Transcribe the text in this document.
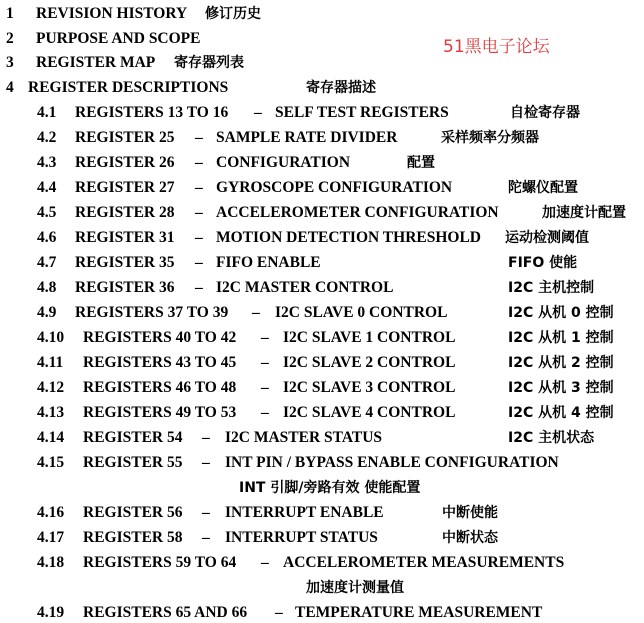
51黑电子论坛
1 REVISION HISTORY 修订历史
2 PURPOSE AND SCOPE
3 REGISTER MAP 寄存器列表
4 REGISTER DESCRIPTIONS	寄存器描述
4.1 REGISTERS 13 TO 16 – SELF TEST REGISTERS	自检寄存器
4.2 REGISTER 25 – SAMPLE RATE DIVIDER	采样频率分频器
4.3 REGISTER 26 – CONFIGURATION	配置
4.4 REGISTER 27 – GYROSCOPE CONFIGURATION	陀螺仪配置
4.5 REGISTER 28 – ACCELEROMETER CONFIGURATION	加速度计配置
4.6 REGISTER 31 – MOTION DETECTION THRESHOLD 运动检测阈值
4.7 REGISTER 35 – FIFO ENABLE	FIFO 使能
4.8 REGISTER 36 – I2C MASTER CONTROL	I2C 主机控制
4.9 REGISTERS 37 TO 39 – I2C SLAVE 0 CONTROL	I2C 从机 0 控制
4.10 REGISTERS 40 TO 42 – I2C SLAVE 1 CONTROL	I2C 从机 1 控制
4.11 REGISTERS 43 TO 45 – I2C SLAVE 2 CONTROL	I2C 从机 2 控制
4.12 REGISTERS 46 TO 48 – I2C SLAVE 3 CONTROL	I2C 从机 3 控制
4.13 REGISTERS 49 TO 53 – I2C SLAVE 4 CONTROL	I2C 从机 4 控制
4.14 REGISTER 54 – I2C MASTER STATUS	I2C 主机状态
4.15 REGISTER 55 – INT PIN / BYPASS ENABLE CONFIGURATION
INT 引脚/旁路有效 使能配置
4.16 REGISTER 56 – INTERRUPT ENABLE	中断使能
4.17 REGISTER 58 – INTERRUPT STATUS	中断状态
4.18 REGISTERS 59 TO 64 – ACCELEROMETER MEASUREMENTS
加速度计测量值
4.19 REGISTERS 65 AND 66 – TEMPERATURE MEASUREMENT
